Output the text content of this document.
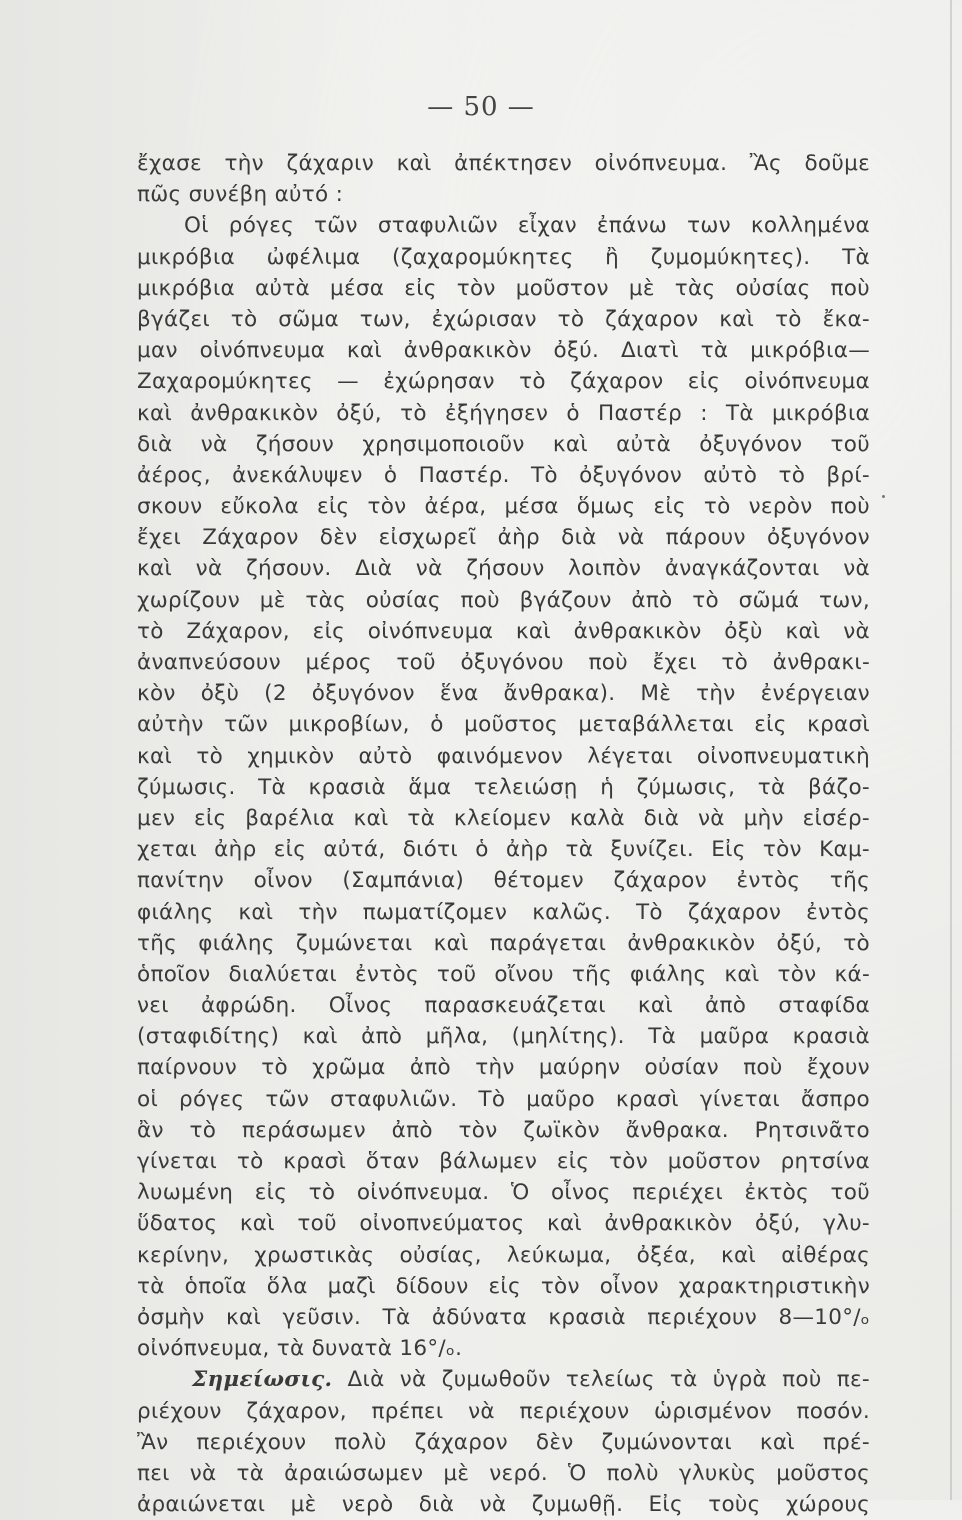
— 50 —
ἔχασε τὴν ζάχαριν καὶ ἀπέκτησεν οἰνόπνευμα. Ἂς δοῦμε
πῶς συνέβη αὐτό :
Οἱ ρόγες τῶν σταφυλιῶν εἶχαν ἐπάνω των κολλημένα
μικρόβια ὠφέλιμα (ζαχαρομύκητες ἢ ζυμομύκητες). Τὰ
μικρόβια αὐτὰ μέσα εἰς τὸν μοῦστον μὲ τὰς οὐσίας ποὺ
βγάζει τὸ σῶμα των, ἐχώρισαν τὸ ζάχαρον καὶ τὸ ἔκα-
μαν οἰνόπνευμα καὶ ἀνθρακικὸν ὀξύ. Διατὶ τὰ μικρόβια—
Ζαχαρομύκητες — ἐχώρησαν τὸ ζάχαρον εἰς οἰνόπνευμα
καὶ ἀνθρακικὸν ὀξύ, τὸ ἐξήγησεν ὁ Παστέρ : Τὰ μικρόβια
διὰ νὰ ζήσουν χρησιμοποιοῦν καὶ αὐτὰ ὀξυγόνον τοῦ
ἀέρος, ἀνεκάλυψεν ὁ Παστέρ. Τὸ ὀξυγόνον αὐτὸ τὸ βρί-
σκουν εὔκολα εἰς τὸν ἀέρα, μέσα ὅμως εἰς τὸ νερὸν ποὺ
ἔχει Ζάχαρον δὲν εἰσχωρεῖ ἀὴρ διὰ νὰ πάρουν ὀξυγόνον
καὶ νὰ ζήσουν. Διὰ νὰ ζήσουν λοιπὸν ἀναγκάζονται νὰ
χωρίζουν μὲ τὰς οὐσίας ποὺ βγάζουν ἀπὸ τὸ σῶμά των,
τὸ Ζάχαρον, εἰς οἰνόπνευμα καὶ ἀνθρακικὸν ὀξὺ καὶ νὰ
ἀναπνεύσουν μέρος τοῦ ὀξυγόνου ποὺ ἔχει τὸ ἀνθρακι-
κὸν ὀξὺ (2 ὀξυγόνον ἕνα ἄνθρακα). Μὲ τὴν ἐνέργειαν
αὐτὴν τῶν μικροβίων, ὁ μοῦστος μεταβάλλεται εἰς κρασὶ
καὶ τὸ χημικὸν αὐτὸ φαινόμενον λέγεται οἰνοπνευματικὴ
ζύμωσις. Τὰ κρασιὰ ἅμα τελειώσῃ ἡ ζύμωσις, τὰ βάζο-
μεν εἰς βαρέλια καὶ τὰ κλείομεν καλὰ διὰ νὰ μὴν εἰσέρ-
χεται ἀὴρ εἰς αὐτά, διότι ὁ ἀὴρ τὰ ξυνίζει. Εἰς τὸν Καμ-
πανίτην οἶνον (Σαμπάνια) θέτομεν ζάχαρον ἐντὸς τῆς
φιάλης καὶ τὴν πωματίζομεν καλῶς. Τὸ ζάχαρον ἐντὸς
τῆς φιάλης ζυμώνεται καὶ παράγεται ἀνθρακικὸν ὀξύ, τὸ
ὁποῖον διαλύεται ἐντὸς τοῦ οἴνου τῆς φιάλης καὶ τὸν κά-
νει ἀφρώδη. Οἶνος παρασκευάζεται καὶ ἀπὸ σταφίδα
(σταφιδίτης) καὶ ἀπὸ μῆλα, (μηλίτης). Τὰ μαῦρα κρασιὰ
παίρνουν τὸ χρῶμα ἀπὸ τὴν μαύρην οὐσίαν ποὺ ἔχουν
οἱ ρόγες τῶν σταφυλιῶν. Τὸ μαῦρο κρασὶ γίνεται ἄσπρο
ἂν τὸ περάσωμεν ἀπὸ τὸν ζωϊκὸν ἄνθρακα. Ρητσινᾶτο
γίνεται τὸ κρασὶ ὅταν βάλωμεν εἰς τὸν μοῦστον ρητσίνα
λυωμένη εἰς τὸ οἰνόπνευμα. Ὁ οἶνος περιέχει ἐκτὸς τοῦ
ὕδατος καὶ τοῦ οἰνοπνεύματος καὶ ἀνθρακικὸν ὀξύ, γλυ-
κερίνην, χρωστικὰς οὐσίας, λεύκωμα, ὀξέα, καὶ αἰθέρας
τὰ ὁποῖα ὅλα μαζὶ δίδουν εἰς τὸν οἶνον χαρακτηριστικὴν
ὀσμὴν καὶ γεῦσιν. Τὰ ἀδύνατα κρασιὰ περιέχουν 8—10°/ₒ
οἰνόπνευμα, τὰ δυνατὰ 16°/ₒ.
Σημείωσις. Διὰ νὰ ζυμωθοῦν τελείως τὰ ὑγρὰ ποὺ πε-
ριέχουν ζάχαρον, πρέπει νὰ περιέχουν ὡρισμένον ποσόν.
Ἂν περιέχουν πολὺ ζάχαρον δὲν ζυμώνονται καὶ πρέ-
πει νὰ τὰ ἀραιώσωμεν μὲ νερό. Ὁ πολὺ γλυκὺς μοῦστος
ἀραιώνεται μὲ νερὸ διὰ νὰ ζυμωθῇ. Εἰς τοὺς χώρους
